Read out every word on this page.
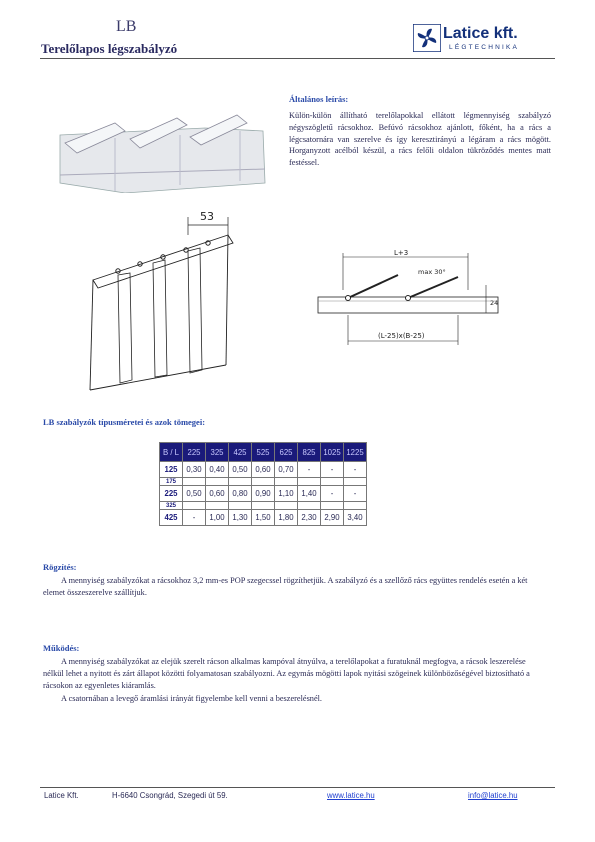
LB
Terelőlapos légszabályzó
Latice kft.
LÉGTECHNIKA
Általános leírás:
Külön-külön állítható terelőlapokkal ellátott légmennyiség szabályzó négyszögletű rácsokhoz. Befúvó rácsokhoz ajánlott, főként, ha a rács a légcsatornára van szerelve és így keresztirányú a légáram a rács mögött. Horganyzott acélból készül, a rács felőli oldalon tükröződés mentes matt festéssel.
53
L+3
max 30°
24
(L-25)x(B-25)
LB szabályzók típusméretei és azok tömegei:
B / L	225	325	425	525	625	825	1025	1225
125	0,30	0,40	0,50	0,60	0,70	-	-	-
175								
225	0,50	0,60	0,80	0,90	1,10	1,40	-	-
325								
425	-	1,00	1,30	1,50	1,80	2,30	2,90	3,40
Rögzítés:

A mennyiség szabályzókat a rácsokhoz 3,2 mm-es POP szegecssel rögzíthetjük. A szabályzó és a szellőző rács együttes rendelés esetén a két elemet összeszerelve szállítjuk.

Működés:

A mennyiség szabályzókat az elejük szerelt rácson alkalmas kampóval átnyúlva, a terelőlapokat a furatuknál megfogva, a rácsok leszerelése nélkül lehet a nyitott és zárt állapot közötti folyamatosan szabályozni. Az egymás mögötti lapok nyitási szögeinek különbözőségével biztosítható a rácsokon az egyenletes kiáramlás.

A csatornában a levegő áramlási irányát figyelembe kell venni a beszerelésnél.

Latice Kft.	H-6640 Csongrád, Szegedi út 59.	www.latice.hu	info@latice.hu
